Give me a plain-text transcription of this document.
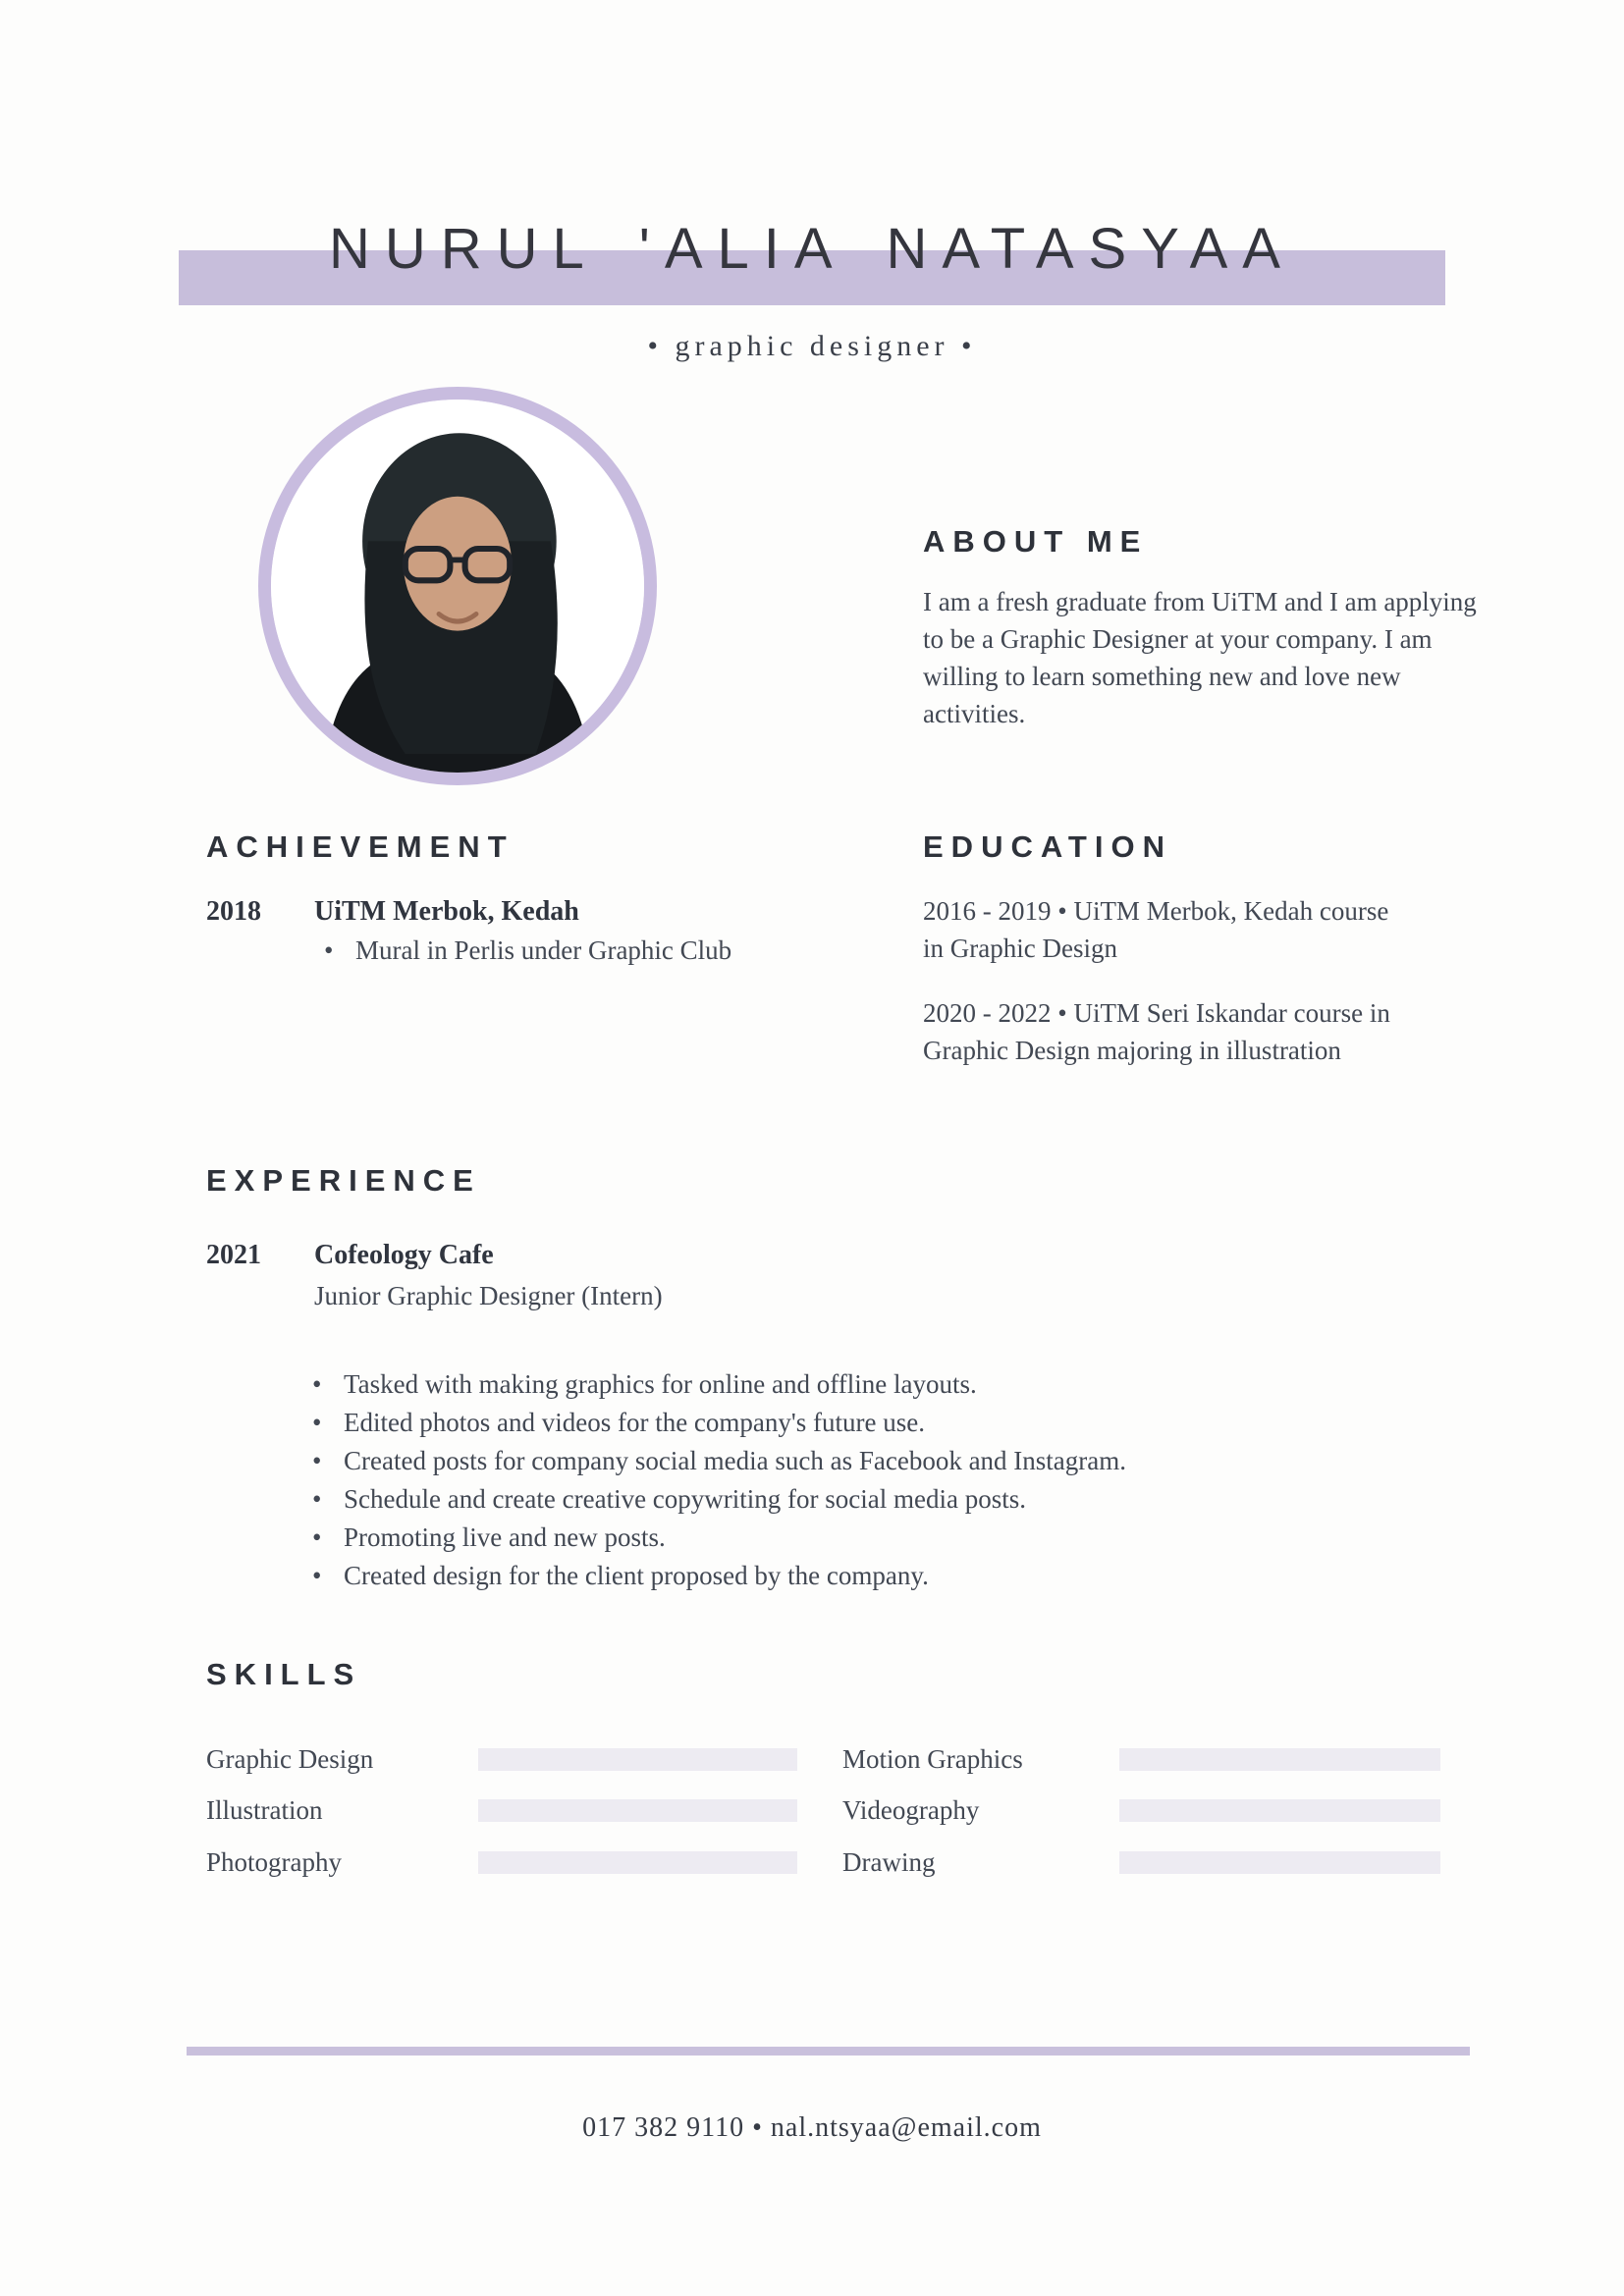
NURUL 'ALIA NATASYAA
• graphic designer •
ABOUT ME

I am a fresh graduate from UiTM and I am applying to be a Graphic Designer at your company. I am willing to learn something new and love new activities.

ACHIEVEMENT
2018	UiTM Merbok, Kedah
• Mural in Perlis under Graphic Club
EDUCATION

2016 - 2019 • UiTM Merbok, Kedah course in Graphic Design

2020 - 2022 • UiTM Seri Iskandar course in Graphic Design majoring in illustration

EXPERIENCE
2021	Cofeology Cafe
Junior Graphic Designer (Intern)
• Tasked with making graphics for online and offline layouts.
• Edited photos and videos for the company's future use.
• Created posts for company social media such as Facebook and Instagram.
• Schedule and create creative copywriting for social media posts.
• Promoting live and new posts.
• Created design for the client proposed by the company.
SKILLS
Graphic Design
Illustration
Photography
Motion Graphics
Videography
Drawing
017 382 9110 • nal.ntsyaa@email.com
